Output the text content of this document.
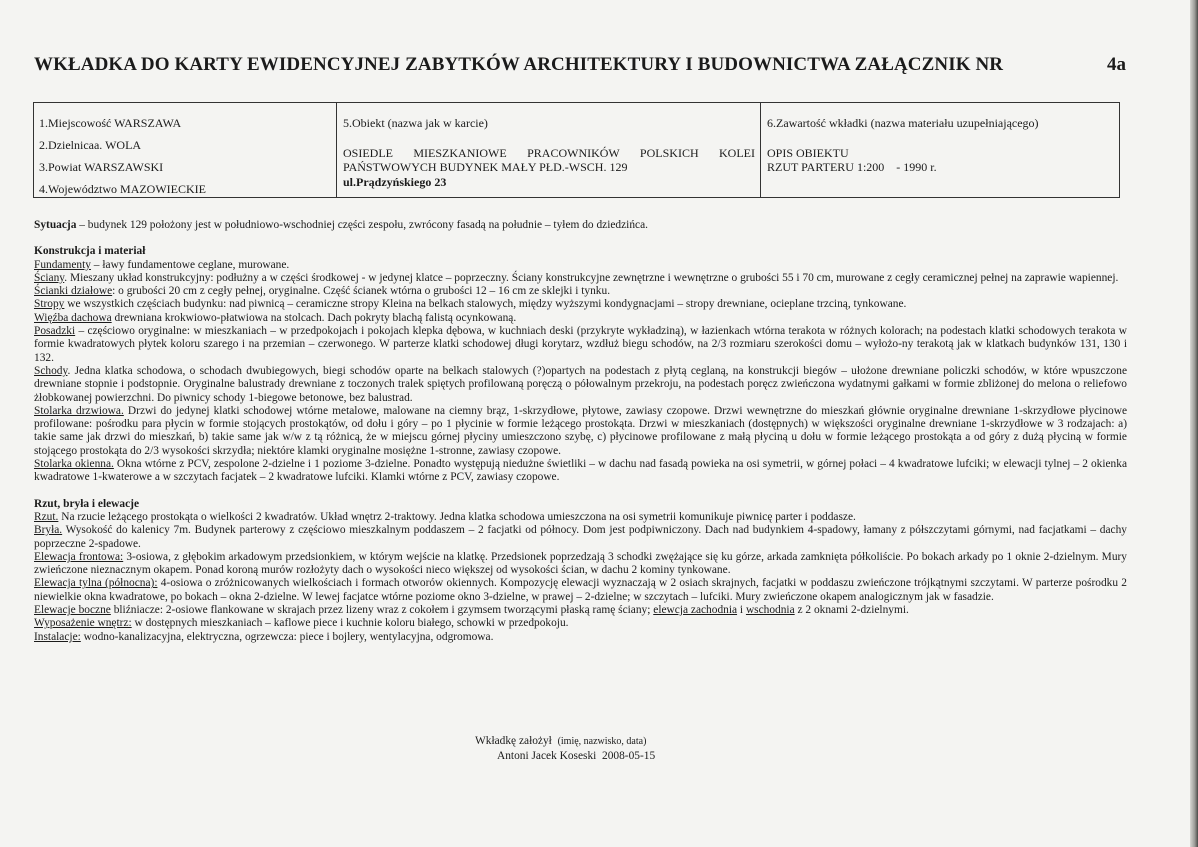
WKŁADKA DO KARTY EWIDENCYJNEJ ZABYTKÓW ARCHITEKTURY I BUDOWNICTWA ZAŁĄCZNIK NR	4a
1.Miejscowość WARSZAWA
2.Dzielnicaa. WOLA
3.Powiat WARSZAWSKI
4.Województwo MAZOWIECKIE
5.Obiekt (nazwa jak w karcie)
OSIEDLE MIESZKANIOWE PRACOWNIKÓW POLSKICH KOLEI PAŃSTWOWYCH BUDYNEK MAŁY PŁD.-WSCH. 129
ul.Prądzyńskiego 23
6.Zawartość wkładki (nazwa materiału uzupełniającego)
OPIS OBIEKTU
RZUT PARTERU 1:200    - 1990 r.

Sytuacja – budynek 129 położony jest w południowo-wschodniej części zespołu, zwrócony fasadą na południe – tyłem do dziedzińca.

Konstrukcja i materiał

Fundamenty – ławy fundamentowe ceglane, murowane.

Ściany. Mieszany układ konstrukcyjny: podłużny a w części środkowej - w jedynej klatce – poprzeczny. Ściany konstrukcyjne zewnętrzne i wewnętrzne o grubości 55 i 70 cm, murowane z cegły ceramicznej pełnej na zaprawie wapiennej.

Ścianki działowe: o grubości 20 cm z cegły pełnej, oryginalne. Część ścianek wtórna o grubości 12 – 16 cm ze sklejki i tynku.

Stropy we wszystkich częściach budynku: nad piwnicą – ceramiczne stropy Kleina na belkach stalowych, między wyższymi kondygnacjami – stropy drewniane, ocieplane trzciną, tynkowane.

Więźba dachowa drewniana krokwiowo-płatwiowa na stolcach. Dach pokryty blachą falistą ocynkowaną.

Posadzki – częściowo oryginalne: w mieszkaniach – w przedpokojach i pokojach klepka dębowa, w kuchniach deski (przykryte wykładziną), w łazienkach wtórna terakota w różnych kolorach; na podestach klatki schodowych terakota w formie kwadratowych płytek koloru szarego i na przemian – czerwonego. W parterze klatki schodowej długi korytarz, wzdłuż biegu schodów, na 2/3 rozmiaru szerokości domu – wyłożo-ny terakotą jak w klatkach budynków 131, 130 i 132.

Schody. Jedna klatka schodowa, o schodach dwubiegowych, biegi schodów oparte na belkach stalowych (?)opartych na podestach z płytą ceglaną, na konstrukcji biegów – ułożone drewniane policzki schodów, w które wpuszczone drewniane stopnie i podstopnie. Oryginalne balustrady drewniane z toczonych tralek spiętych profilowaną poręczą o półowalnym przekroju, na podestach poręcz zwieńczona wydatnymi gałkami w formie zbliżonej do melona o reliefowo żłobkowanej powierzchni. Do piwnicy schody 1-biegowe betonowe, bez balustrad.

Stolarka drzwiowa. Drzwi do jedynej klatki schodowej wtórne metalowe, malowane na ciemny brąz, 1-skrzydłowe, płytowe, zawiasy czopowe. Drzwi wewnętrzne do mieszkań głównie oryginalne drewniane 1-skrzydłowe płycinowe profilowane: pośrodku para płycin w formie stojących prostokątów, od dołu i góry – po 1 płycinie w formie leżącego prostokąta. Drzwi w mieszkaniach (dostępnych) w większości oryginalne drewniane 1-skrzydłowe w 3 rodzajach: a) takie same jak drzwi do mieszkań, b) takie same jak w/w z tą różnicą, że w miejscu górnej płyciny umieszczono szybę, c) płycinowe profilowane z małą płyciną u dołu w formie leżącego prostokąta a od góry z dużą płyciną w formie stojącego prostokąta do 2/3 wysokości skrzydła; niektóre klamki oryginalne mosiężne 1-stronne, zawiasy czopowe.

Stolarka okienna. Okna wtórne z PCV, zespolone 2-dzielne i 1 poziome 3-dzielne. Ponadto występują niedużne świetliki – w dachu nad fasadą powieka na osi symetrii, w górnej połaci – 4 kwadratowe lufciki; w elewacji tylnej – 2 okienka kwadratowe 1-kwaterowe a w szczytach facjatek – 2 kwadratowe lufciki. Klamki wtórne z PCV, zawiasy czopowe.

Rzut, bryła i elewacje

Rzut. Na rzucie leżącego prostokąta o wielkości 2 kwadratów. Układ wnętrz 2-traktowy. Jedna klatka schodowa umieszczona na osi symetrii komunikuje piwnicę parter i poddasze.

Bryła. Wysokość do kalenicy 7m. Budynek parterowy z częściowo mieszkalnym poddaszem – 2 facjatki od północy. Dom jest podpiwniczony. Dach nad budynkiem 4-spadowy, łamany z półszczytami górnymi, nad facjatkami – dachy poprzeczne 2-spadowe.

Elewacja frontowa: 3-osiowa, z głębokim arkadowym przedsionkiem, w którym wejście na klatkę. Przedsionek poprzedzają 3 schodki zwężające się ku górze, arkada zamknięta półkoliście. Po bokach arkady po 1 oknie 2-dzielnym. Mury zwieńczone nieznacznym okapem. Ponad koroną murów rozłożyty dach o wysokości nieco większej od wysokości ścian, w dachu 2 kominy tynkowane.

Elewacja tylna (północna): 4-osiowa o zróżnicowanych wielkościach i formach otworów okiennych. Kompozycję elewacji wyznaczają w 2 osiach skrajnych, facjatki w poddaszu zwieńczone trójkątnymi szczytami. W parterze pośrodku 2 niewielkie okna kwadratowe, po bokach – okna 2-dzielne. W lewej facjatce wtórne poziome okno 3-dzielne, w prawej – 2-dzielne; w szczytach – lufciki. Mury zwieńczone okapem analogicznym jak w fasadzie.

Elewacje boczne bliźniacze: 2-osiowe flankowane w skrajach przez lizeny wraz z cokołem i gzymsem tworzącymi płaską ramę ściany; elewcja zachodnia i wschodnia z 2 oknami 2-dzielnymi.

Wyposażenie wnętrz: w dostępnych mieszkaniach – kaflowe piece i kuchnie koloru białego, schowki w przedpokoju.

Instalacje: wodno-kanalizacyjna, elektryczna, ogrzewcza: piece i bojlery, wentylacyjna, odgromowa.

Wkładkę założył (imię, nazwisko, data)
Antoni Jacek Koseski  2008-05-15
